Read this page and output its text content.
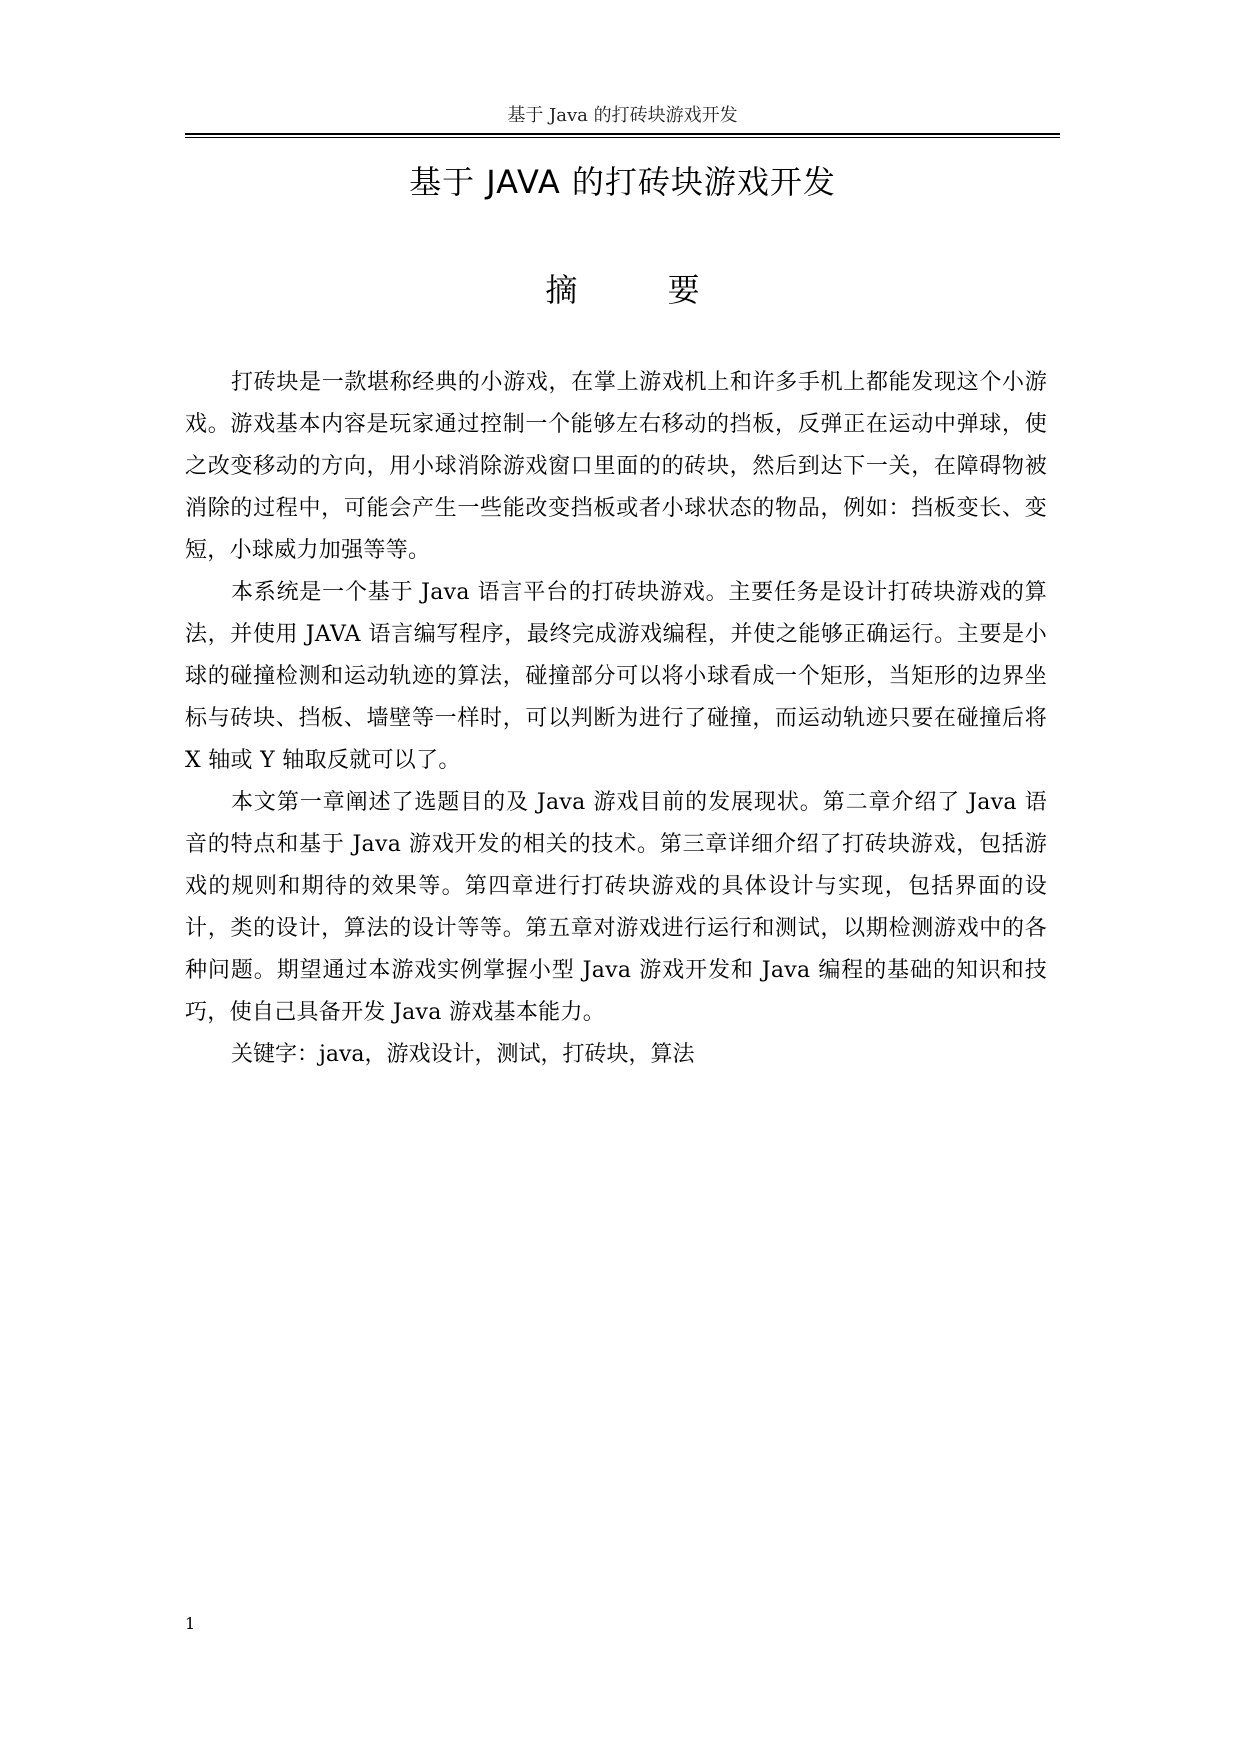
基于 Java 的打砖块游戏开发
基于 JAVA 的打砖块游戏开发
摘 要

打砖块是一款堪称经典的小游戏，在掌上游戏机上和许多手机上都能发现这个小游戏。游戏基本内容是玩家通过控制一个能够左右移动的挡板，反弹正在运动中弹球，使之改变移动的方向，用小球消除游戏窗口里面的的砖块，然后到达下一关，在障碍物被消除的过程中，可能会产生一些能改变挡板或者小球状态的物品，例如：挡板变长、变短，小球威力加强等等。

本系统是一个基于 Java 语言平台的打砖块游戏。主要任务是设计打砖块游戏的算法，并使用 JAVA 语言编写程序，最终完成游戏编程，并使之能够正确运行。主要是小球的碰撞检测和运动轨迹的算法，碰撞部分可以将小球看成一个矩形，当矩形的边界坐标与砖块、挡板、墙壁等一样时，可以判断为进行了碰撞，而运动轨迹只要在碰撞后将 X 轴或 Y 轴取反就可以了。

本文第一章阐述了选题目的及 Java 游戏目前的发展现状。第二章介绍了 Java 语音的特点和基于 Java 游戏开发的相关的技术。第三章详细介绍了打砖块游戏，包括游戏的规则和期待的效果等。第四章进行打砖块游戏的具体设计与实现，包括界面的设计，类的设计，算法的设计等等。第五章对游戏进行运行和测试，以期检测游戏中的各种问题。期望通过本游戏实例掌握小型 Java 游戏开发和 Java 编程的基础的知识和技巧，使自己具备开发 Java 游戏基本能力。

关键字：java，游戏设计，测试，打砖块，算法

1
